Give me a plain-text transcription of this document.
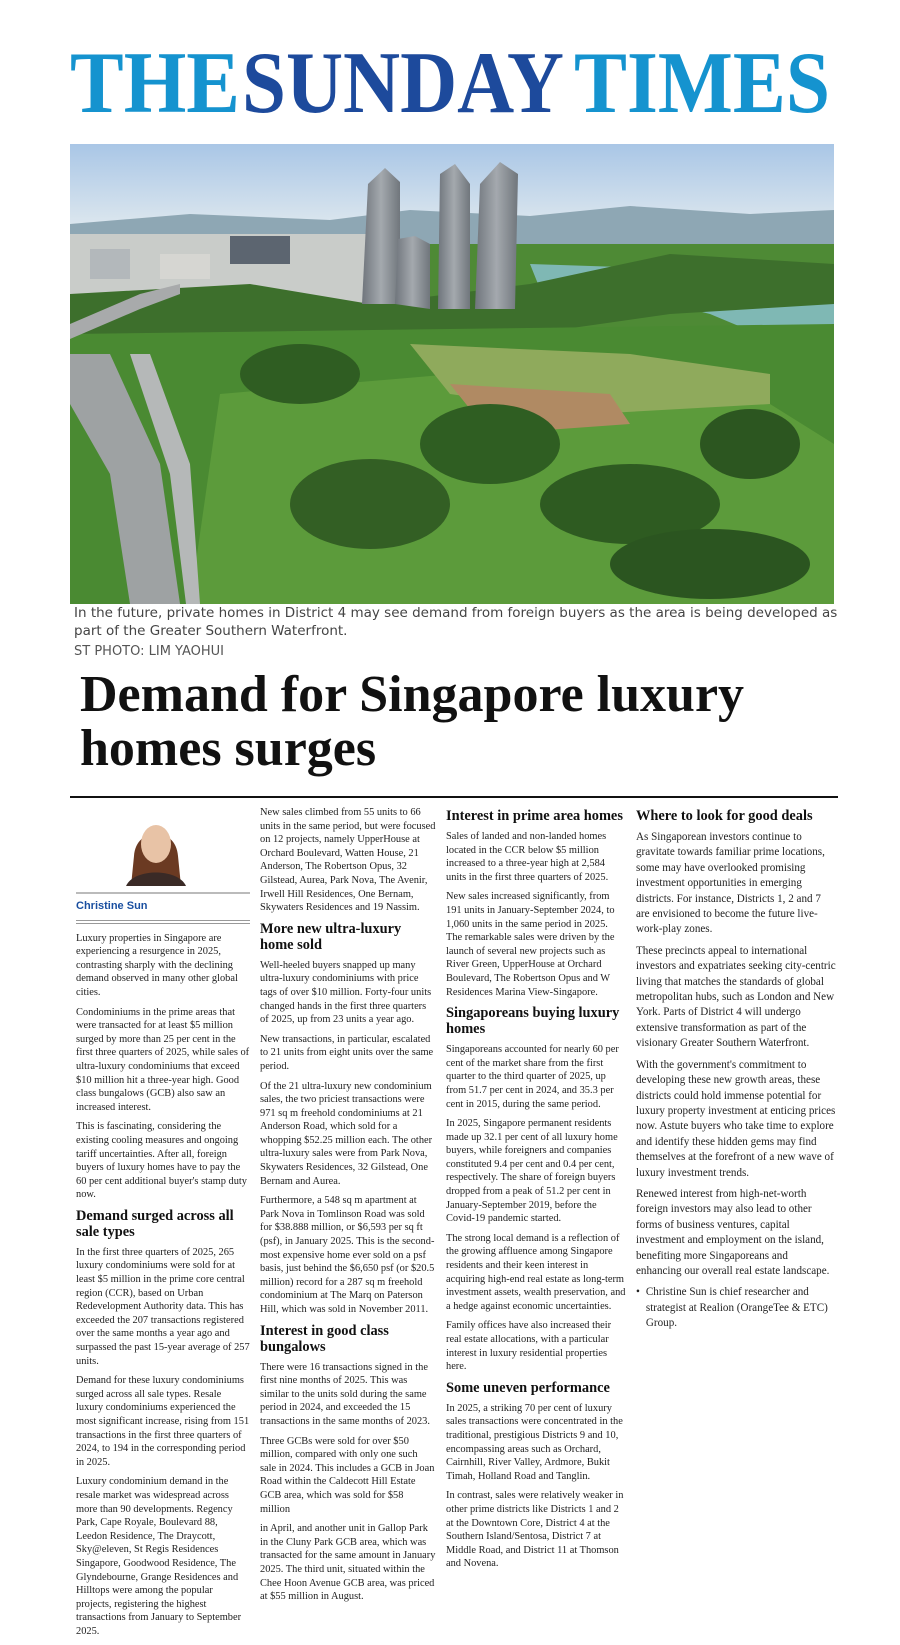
THE SUNDAY TIMES
In the future, private homes in District 4 may see demand from foreign buyers as the area is being developed as part of the Greater Southern Waterfront.
ST PHOTO: LIM YAOHUI
Demand for Singapore luxury homes surges
Christine Sun

Luxury properties in Singapore are experiencing a resurgence in 2025, contrasting sharply with the declining demand observed in many other global cities.

Condominiums in the prime areas that were transacted for at least $5 million surged by more than 25 per cent in the first three quarters of 2025, while sales of ultra-luxury condominiums that exceed $10 million hit a three-year high. Good class bungalows (GCB) also saw an increased interest.

This is fascinating, considering the existing cooling measures and ongoing tariff uncertainties. After all, foreign buyers of luxury homes have to pay the 60 per cent additional buyer's stamp duty now.

Demand surged across all sale types

In the first three quarters of 2025, 265 luxury condominiums were sold for at least $5 million in the prime core central region (CCR), based on Urban Redevelopment Authority data. This has exceeded the 207 transactions registered over the same months a year ago and surpassed the past 15-year average of 257 units.

Demand for these luxury condominiums surged across all sale types. Resale luxury condominiums experienced the most significant increase, rising from 151 transactions in the first three quarters of 2024, to 194 in the corresponding period in 2025.

Luxury condominium demand in the resale market was widespread across more than 90 developments. Regency Park, Cape Royale, Boulevard 88, Leedon Residence, The Draycott, Sky@eleven, St Regis Residences Singapore, Goodwood Residence, The Glyndebourne, Grange Residences and Hilltops were among the popular projects, registering the highest transactions from January to September 2025.

New sales climbed from 55 units to 66 units in the same period, but were focused on 12 projects, namely UpperHouse at Orchard Boulevard, Watten House, 21 Anderson, The Robertson Opus, 32 Gilstead, Aurea, Park Nova, The Avenir, Irwell Hill Residences, One Bernam, Skywaters Residences and 19 Nassim.

More new ultra-luxury home sold

Well-heeled buyers snapped up many ultra-luxury condominiums with price tags of over $10 million. Forty-four units changed hands in the first three quarters of 2025, up from 23 units a year ago.

New transactions, in particular, escalated to 21 units from eight units over the same period.

Of the 21 ultra-luxury new condominium sales, the two priciest transactions were 971 sq m freehold condominiums at 21 Anderson Road, which sold for a whopping $52.25 million each. The other ultra-luxury sales were from Park Nova, Skywaters Residences, 32 Gilstead, One Bernam and Aurea.

Furthermore, a 548 sq m apartment at Park Nova in Tomlinson Road was sold for $38.888 million, or $6,593 per sq ft (psf), in January 2025. This is the second-most expensive home ever sold on a psf basis, just behind the $6,650 psf (or $20.5 million) record for a 287 sq m freehold condominium at The Marq on Paterson Hill, which was sold in November 2011.

Interest in good class bungalows

There were 16 transactions signed in the first nine months of 2025. This was similar to the units sold during the same period in 2024, and exceeded the 15 transactions in the same months of 2023.

Three GCBs were sold for over $50 million, compared with only one such sale in 2024. This includes a GCB in Joan Road within the Caldecott Hill Estate GCB area, which was sold for $58 million

in April, and another unit in Gallop Park in the Cluny Park GCB area, which was transacted for the same amount in January 2025. The third unit, situated within the Chee Hoon Avenue GCB area, was priced at $55 million in August.

Interest in prime area homes

Sales of landed and non-landed homes located in the CCR below $5 million increased to a three-year high at 2,584 units in the first three quarters of 2025.

New sales increased significantly, from 191 units in January-September 2024, to 1,060 units in the same period in 2025. The remarkable sales were driven by the launch of several new projects such as River Green, UpperHouse at Orchard Boulevard, The Robertson Opus and W Residences Marina View-Singapore.

Singaporeans buying luxury homes

Singaporeans accounted for nearly 60 per cent of the market share from the first quarter to the third quarter of 2025, up from 51.7 per cent in 2024, and 35.3 per cent in 2015, during the same period.

In 2025, Singapore permanent residents made up 32.1 per cent of all luxury home buyers, while foreigners and companies constituted 9.4 per cent and 0.4 per cent, respectively. The share of foreign buyers dropped from a peak of 51.2 per cent in January-September 2019, before the Covid-19 pandemic started.

The strong local demand is a reflection of the growing affluence among Singapore residents and their keen interest in acquiring high-end real estate as long-term investment assets, wealth preservation, and a hedge against economic uncertainties.

Family offices have also increased their real estate allocations, with a particular interest in luxury residential properties here.

Some uneven performance

In 2025, a striking 70 per cent of luxury sales transactions were concentrated in the traditional, prestigious Districts 9 and 10, encompassing areas such as Orchard, Cairnhill, River Valley, Ardmore, Bukit Timah, Holland Road and Tanglin.

In contrast, sales were relatively weaker in other prime districts like Districts 1 and 2 at the Downtown Core, District 4 at the Southern Island/Sentosa, District 7 at Middle Road, and District 11 at Thomson and Novena.

Where to look for good deals

As Singaporean investors continue to gravitate towards familiar prime locations, some may have overlooked promising investment opportunities in emerging districts. For instance, Districts 1, 2 and 7 are envisioned to become the future live-work-play zones.

These precincts appeal to international investors and expatriates seeking city-centric living that matches the standards of global metropolitan hubs, such as London and New York. Parts of District 4 will undergo extensive transformation as part of the visionary Greater Southern Waterfront.

With the government's commitment to developing these new growth areas, these districts could hold immense potential for luxury property investment at enticing prices now. Astute buyers who take time to explore and identify these hidden gems may find themselves at the forefront of a new wave of luxury investment trends.

Renewed interest from high-net-worth foreign investors may also lead to other forms of business ventures, capital investment and employment on the island, benefiting more Singaporeans and enhancing our overall real estate landscape.

• Christine Sun is chief researcher and strategist at Realion (OrangeTee & ETC) Group.
